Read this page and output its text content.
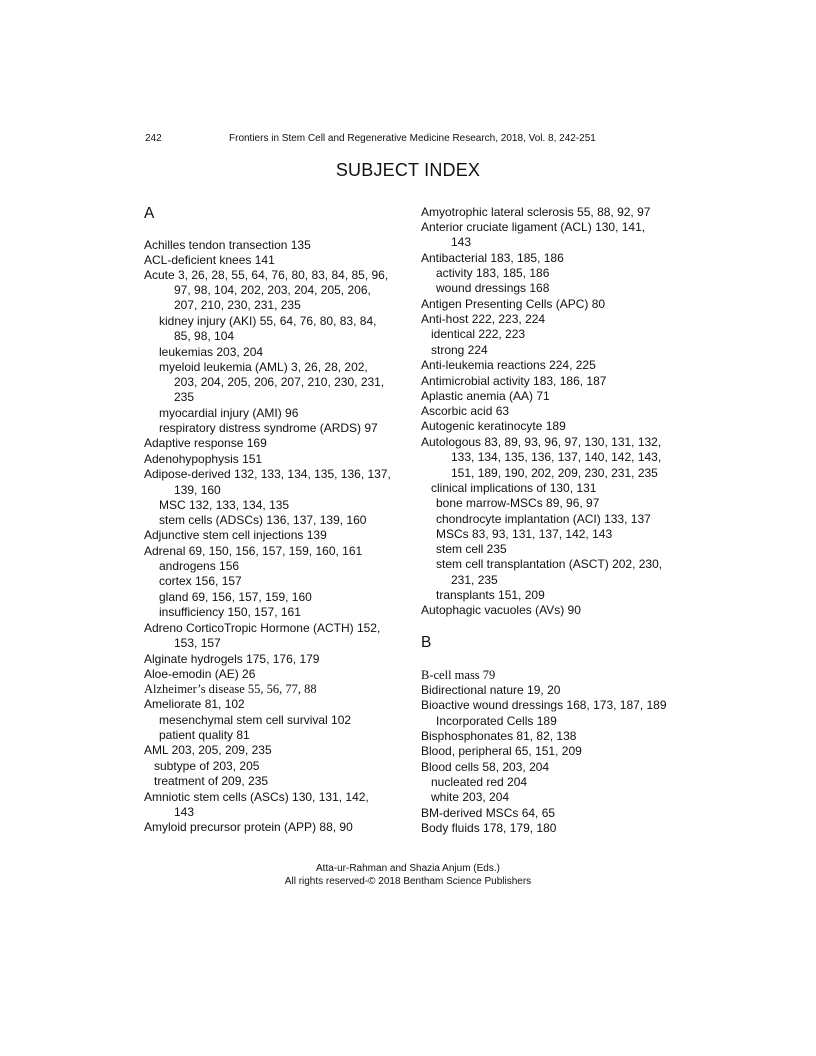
242	Frontiers in Stem Cell and Regenerative Medicine Research, 2018, Vol. 8, 242-251
SUBJECT INDEX
A
Achilles tendon transection 135
ACL-deficient knees 141
Acute 3, 26, 28, 55, 64, 76, 80, 83, 84, 85, 96,
97, 98, 104, 202, 203, 204, 205, 206,
207, 210, 230, 231, 235
kidney injury (AKI) 55, 64, 76, 80, 83, 84,
85, 98, 104
leukemias 203, 204
myeloid leukemia (AML) 3, 26, 28, 202,
203, 204, 205, 206, 207, 210, 230, 231,
235
myocardial injury (AMI) 96
respiratory distress syndrome (ARDS) 97
Adaptive response 169
Adenohypophysis 151
Adipose-derived 132, 133, 134, 135, 136, 137,
139, 160
MSC 132, 133, 134, 135
stem cells (ADSCs) 136, 137, 139, 160
Adjunctive stem cell injections 139
Adrenal 69, 150, 156, 157, 159, 160, 161
androgens 156
cortex 156, 157
gland 69, 156, 157, 159, 160
insufficiency 150, 157, 161
Adreno CorticoTropic Hormone (ACTH) 152,
153, 157
Alginate hydrogels 175, 176, 179
Aloe-emodin (AE) 26
Alzheimer’s disease 55, 56, 77, 88
Ameliorate 81, 102
mesenchymal stem cell survival 102
patient quality 81
AML 203, 205, 209, 235
subtype of 203, 205
treatment of 209, 235
Amniotic stem cells (ASCs) 130, 131, 142,
143
Amyloid precursor protein (APP) 88, 90
Amyotrophic lateral sclerosis 55, 88, 92, 97
Anterior cruciate ligament (ACL) 130, 141,
143
Antibacterial 183, 185, 186
activity 183, 185, 186
wound dressings 168
Antigen Presenting Cells (APC) 80
Anti-host 222, 223, 224
identical 222, 223
strong 224
Anti-leukemia reactions 224, 225
Antimicrobial activity 183, 186, 187
Aplastic anemia (AA) 71
Ascorbic acid 63
Autogenic keratinocyte 189
Autologous 83, 89, 93, 96, 97, 130, 131, 132,
133, 134, 135, 136, 137, 140, 142, 143,
151, 189, 190, 202, 209, 230, 231, 235
clinical implications of 130, 131
bone marrow-MSCs 89, 96, 97
chondrocyte implantation (ACI) 133, 137
MSCs 83, 93, 131, 137, 142, 143
stem cell 235
stem cell transplantation (ASCT) 202, 230,
231, 235
transplants 151, 209
Autophagic vacuoles (AVs) 90
B
B-cell mass 79
Bidirectional nature 19, 20
Bioactive wound dressings 168, 173, 187, 189
Incorporated Cells 189
Bisphosphonates 81, 82, 138
Blood, peripheral 65, 151, 209
Blood cells 58, 203, 204
nucleated red 204
white 203, 204
BM-derived MSCs 64, 65
Body fluids 178, 179, 180
Atta-ur-Rahman and Shazia Anjum (Eds.)
All rights reserved-© 2018 Bentham Science Publishers
